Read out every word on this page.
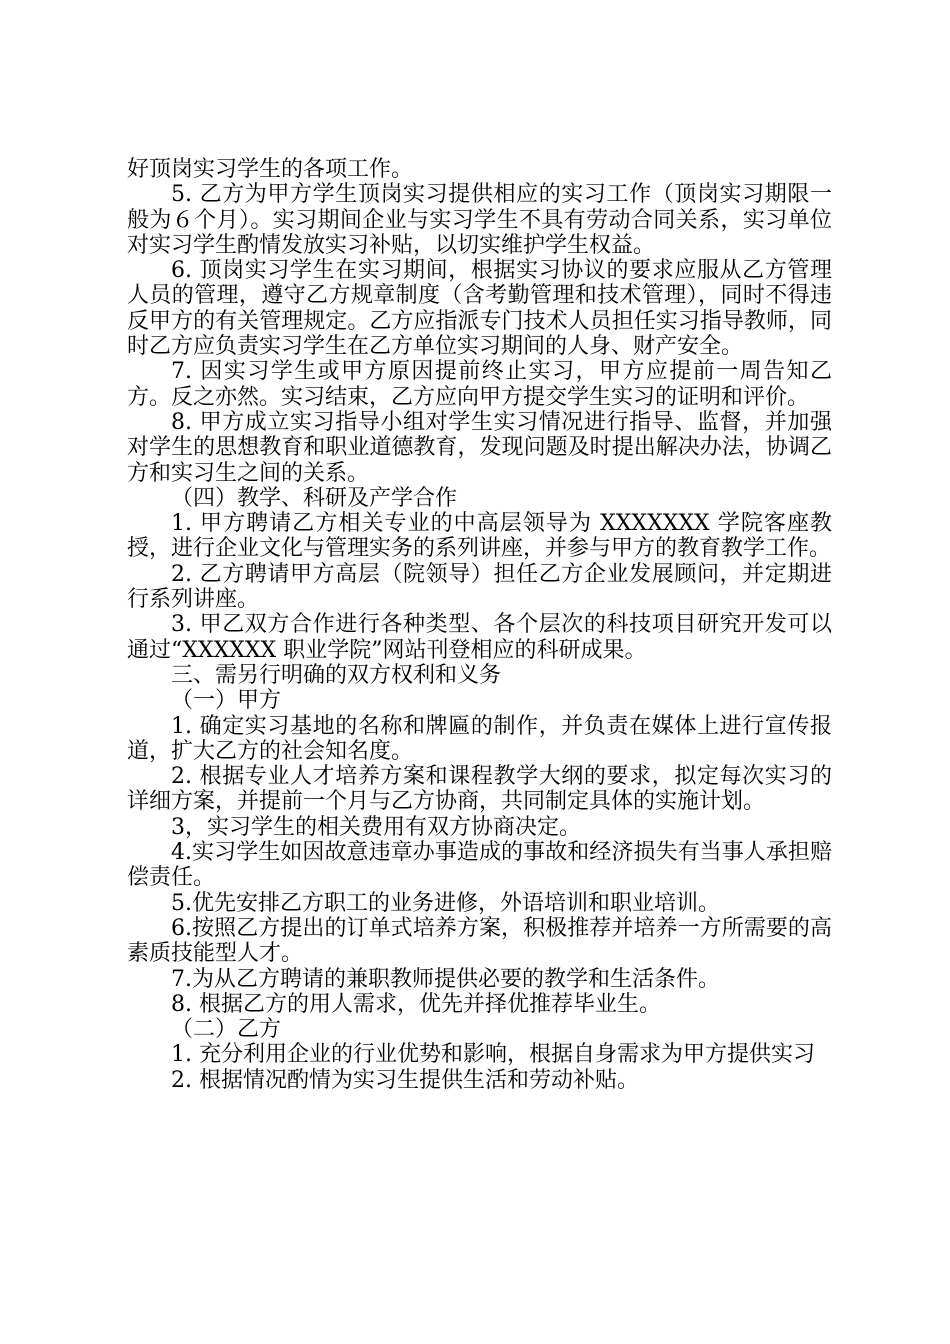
好顶岗实习学生的各项工作。

5. 乙方为甲方学生顶岗实习提供相应的实习工作（顶岗实习期限一般为６个月）。实习期间企业与实习学生不具有劳动合同关系，实习单位对实习学生酌情发放实习补贴，以切实维护学生权益。

6. 顶岗实习学生在实习期间，根据实习协议的要求应服从乙方管理人员的管理，遵守乙方规章制度（含考勤管理和技术管理），同时不得违反甲方的有关管理规定。乙方应指派专门技术人员担任实习指导教师，同时乙方应负责实习学生在乙方单位实习期间的人身、财产安全。

7. 因实习学生或甲方原因提前终止实习，甲方应提前一周告知乙方。反之亦然。实习结束，乙方应向甲方提交学生实习的证明和评价。

8. 甲方成立实习指导小组对学生实习情况进行指导、监督，并加强对学生的思想教育和职业道德教育，发现问题及时提出解决办法，协调乙方和实习生之间的关系。

（四）教学、科研及产学合作

1. 甲方聘请乙方相关专业的中高层领导为 XXXXXXX 学院客座教授，进行企业文化与管理实务的系列讲座，并参与甲方的教育教学工作。

2. 乙方聘请甲方高层（院领导）担任乙方企业发展顾问，并定期进行系列讲座。

3. 甲乙双方合作进行各种类型、各个层次的科技项目研究开发可以通过“XXXXXX 职业学院”网站刊登相应的科研成果。

三、需另行明确的双方权利和义务

（一）甲方

1. 确定实习基地的名称和牌匾的制作，并负责在媒体上进行宣传报道，扩大乙方的社会知名度。

2. 根据专业人才培养方案和课程教学大纲的要求，拟定每次实习的详细方案，并提前一个月与乙方协商，共同制定具体的实施计划。

3，实习学生的相关费用有双方协商决定。

4.实习学生如因故意违章办事造成的事故和经济损失有当事人承担赔偿责任。

5.优先安排乙方职工的业务进修，外语培训和职业培训。

6.按照乙方提出的订单式培养方案，积极推荐并培养一方所需要的高素质技能型人才。

7.为从乙方聘请的兼职教师提供必要的教学和生活条件。

8. 根据乙方的用人需求，优先并择优推荐毕业生。

（二）乙方

1. 充分利用企业的行业优势和影响，根据自身需求为甲方提供实习

2. 根据情况酌情为实习生提供生活和劳动补贴。
